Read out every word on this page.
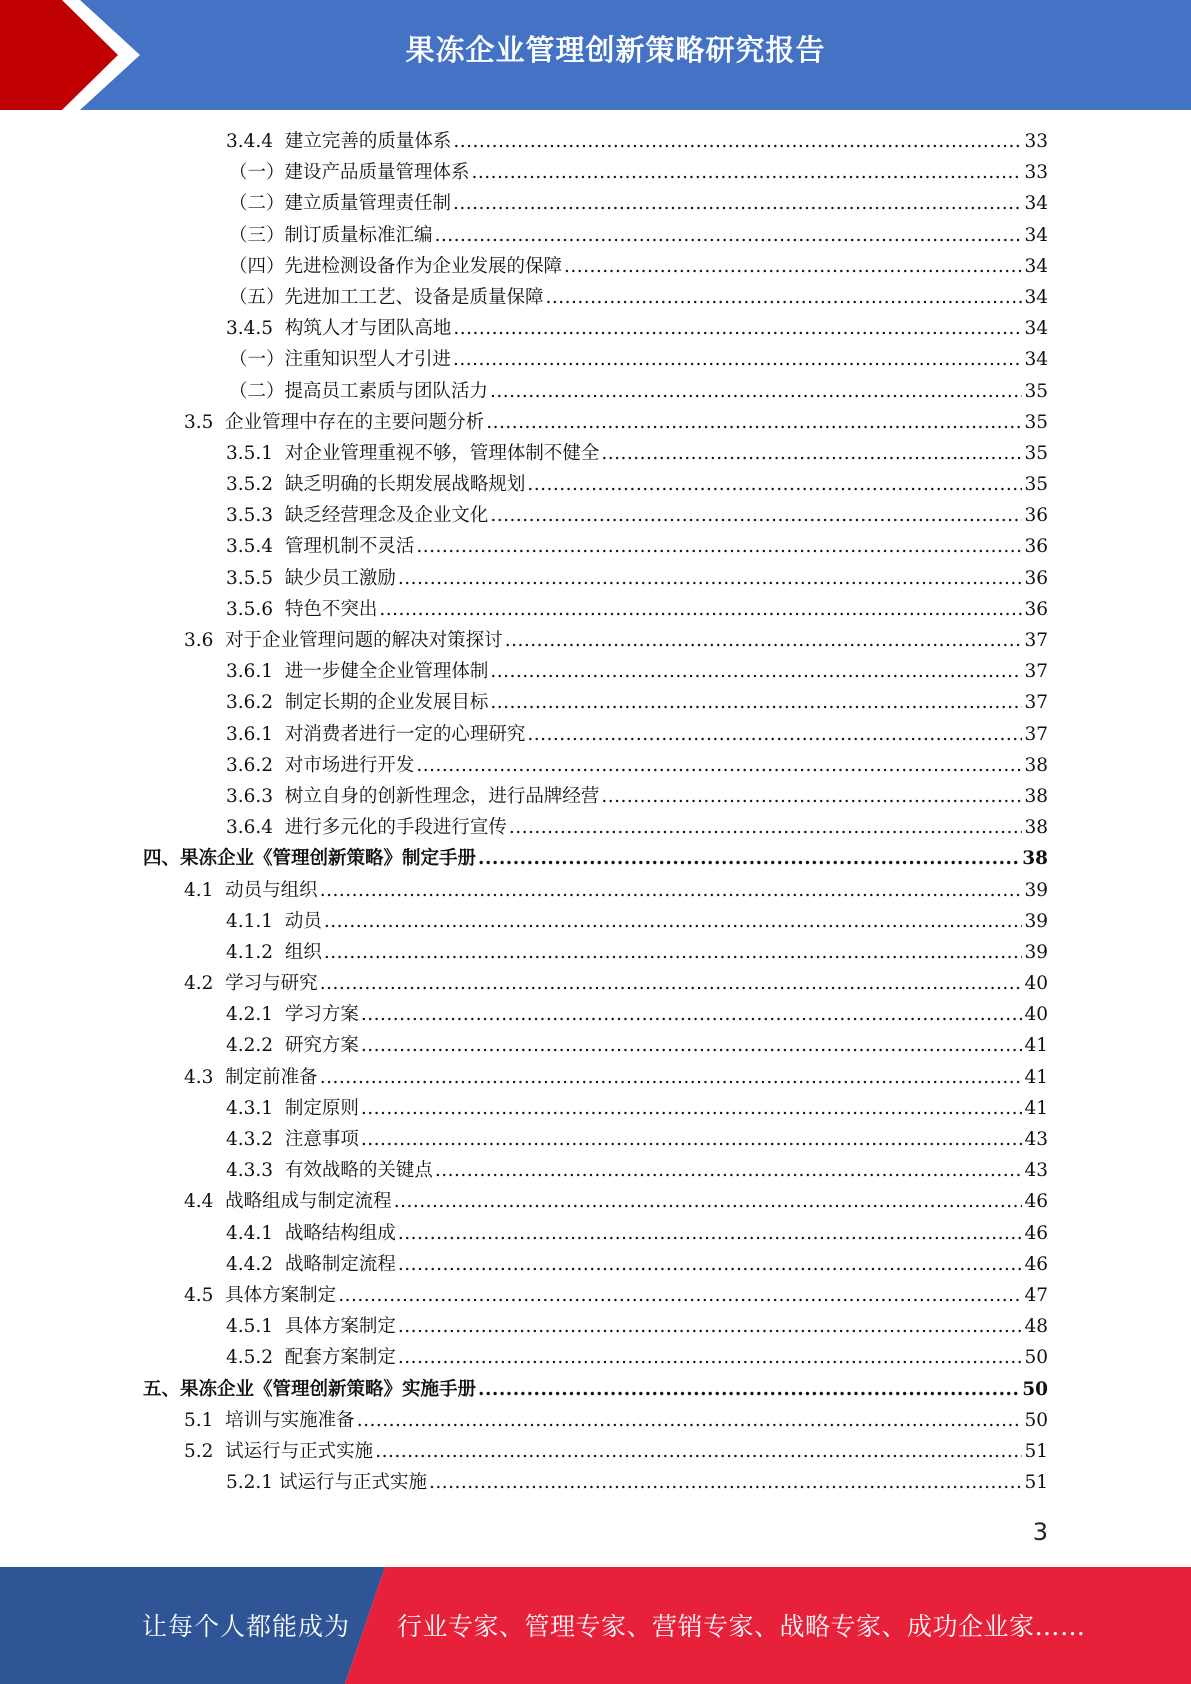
果冻企业管理创新策略研究报告
3.4.4  建立完善的质量体系 .....	33
（一）建设产品质量管理体系 .....	33
（二）建立质量管理责任制 .....	34
（三）制订质量标准汇编 .....	34
（四）先进检测设备作为企业发展的保障 .....	34
（五）先进加工工艺、设备是质量保障 .....	34
3.4.5  构筑人才与团队高地 .....	34
（一）注重知识型人才引进 .....	34
（二）提高员工素质与团队活力 .....	35
3.5  企业管理中存在的主要问题分析 .....	35
3.5.1  对企业管理重视不够，管理体制不健全 .....	35
3.5.2  缺乏明确的长期发展战略规划 .....	35
3.5.3  缺乏经营理念及企业文化 .....	36
3.5.4  管理机制不灵活 .....	36
3.5.5  缺少员工激励 .....	36
3.5.6  特色不突出 .....	36
3.6  对于企业管理问题的解决对策探讨 .....	37
3.6.1  进一步健全企业管理体制 .....	37
3.6.2  制定长期的企业发展目标 .....	37
3.6.1  对消费者进行一定的心理研究 .....	37
3.6.2  对市场进行开发 .....	38
3.6.3  树立自身的创新性理念，进行品牌经营 .....	38
3.6.4  进行多元化的手段进行宣传 .....	38
四、果冻企业《管理创新策略》制定手册 .....	38
4.1  动员与组织 .....	39
4.1.1  动员 .....	39
4.1.2  组织 .....	39
4.2  学习与研究 .....	40
4.2.1  学习方案 .....	40
4.2.2  研究方案 .....	41
4.3  制定前准备 .....	41
4.3.1  制定原则 .....	41
4.3.2  注意事项 .....	43
4.3.3  有效战略的关键点 .....	43
4.4  战略组成与制定流程 .....	46
4.4.1  战略结构组成 .....	46
4.4.2  战略制定流程 .....	46
4.5  具体方案制定 .....	47
4.5.1  具体方案制定 .....	48
4.5.2  配套方案制定 .....	50
五、果冻企业《管理创新策略》实施手册 .....	50
5.1  培训与实施准备 .....	50
5.2  试运行与正式实施 .....	51
5.2.1 试运行与正式实施 .....	51
3
让每个人都能成为 行业专家、管理专家、营销专家、战略专家、成功企业家……
